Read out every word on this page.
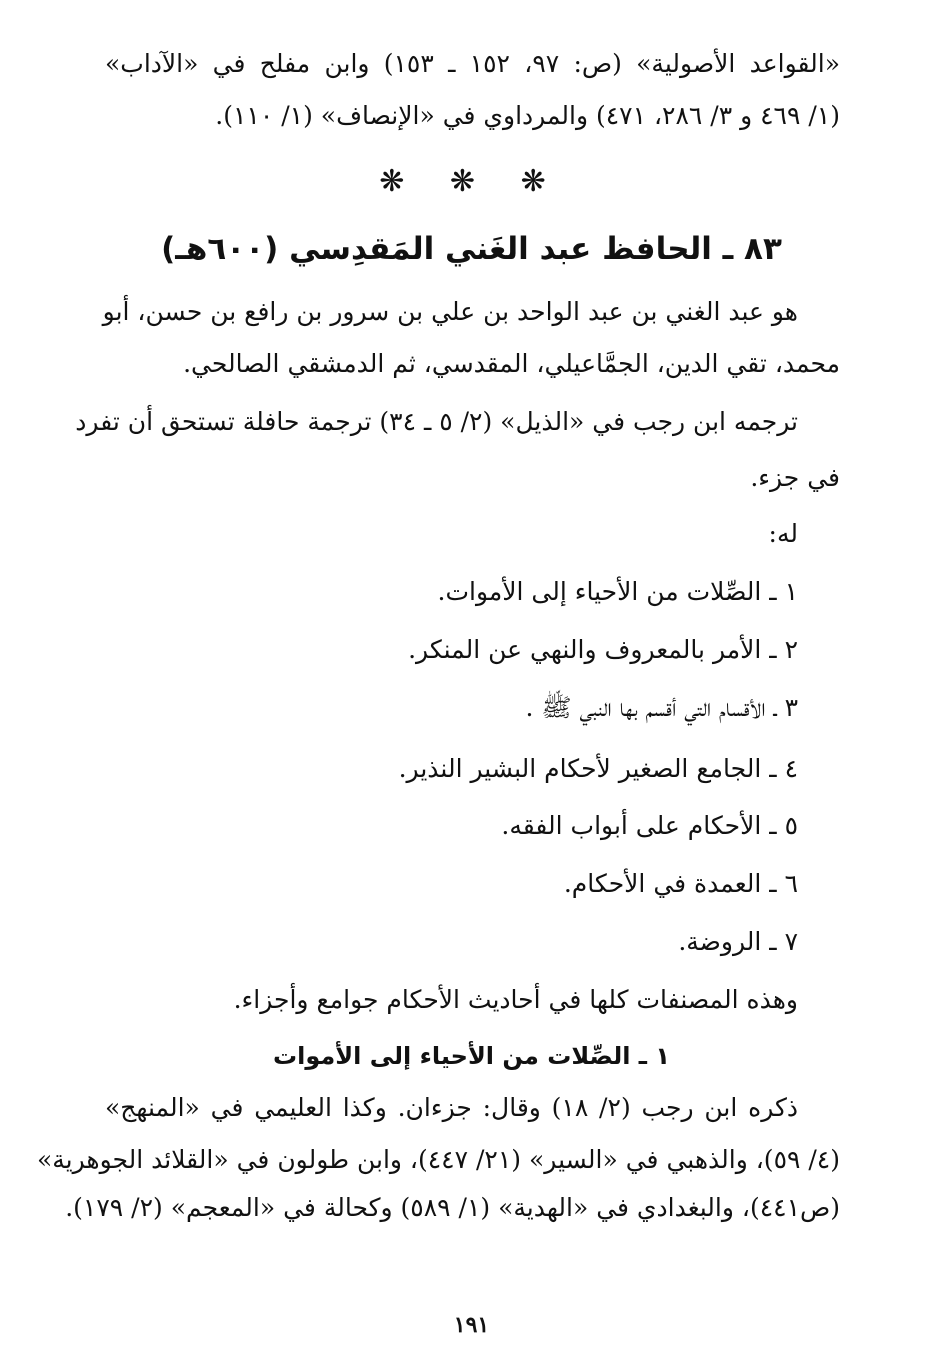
«القواعد الأصولية» (ص: ٩٧، ١٥٢ ـ ١٥٣) وابن مفلح في «الآداب»
(١/ ٤٦٩ و ٣/ ٢٨٦، ٤٧١) والمرداوي في «الإنصاف» (١/ ١١٠).
❋ ❋ ❋
٨٣ ـ الحافظ عبد الغَني المَقدِسي (٦٠٠هـ)
هو عبد الغني بن عبد الواحد بن علي بن سرور بن رافع بن حسن، أبو
محمد، تقي الدين، الجمَّاعيلي، المقدسي، ثم الدمشقي الصالحي.
ترجمه ابن رجب في «الذيل» (٢/ ٥ ـ ٣٤) ترجمة حافلة تستحق أن تفرد
في جزء.
له:
١ ـ الصِّلات من الأحياء إلى الأموات.
٢ ـ الأمر بالمعروف والنهي عن المنكر.
٣ ـ الأقسام التي أقسم بها النبي ﷺ .
٤ ـ الجامع الصغير لأحكام البشير النذير.
٥ ـ الأحكام على أبواب الفقه.
٦ ـ العمدة في الأحكام.
٧ ـ الروضة.
وهذه المصنفات كلها في أحاديث الأحكام جوامع وأجزاء.
١ ـ الصِّلات من الأحياء إلى الأموات
ذكره ابن رجب (٢/ ١٨) وقال: جزءان. وكذا العليمي في «المنهج»
(٤/ ٥٩)، والذهبي في «السير» (٢١/ ٤٤٧)، وابن طولون في «القلائد الجوهرية»
(ص٤٤١)، والبغدادي في «الهدية» (١/ ٥٨٩) وكحالة في «المعجم» (٢/ ١٧٩).
١٩١
